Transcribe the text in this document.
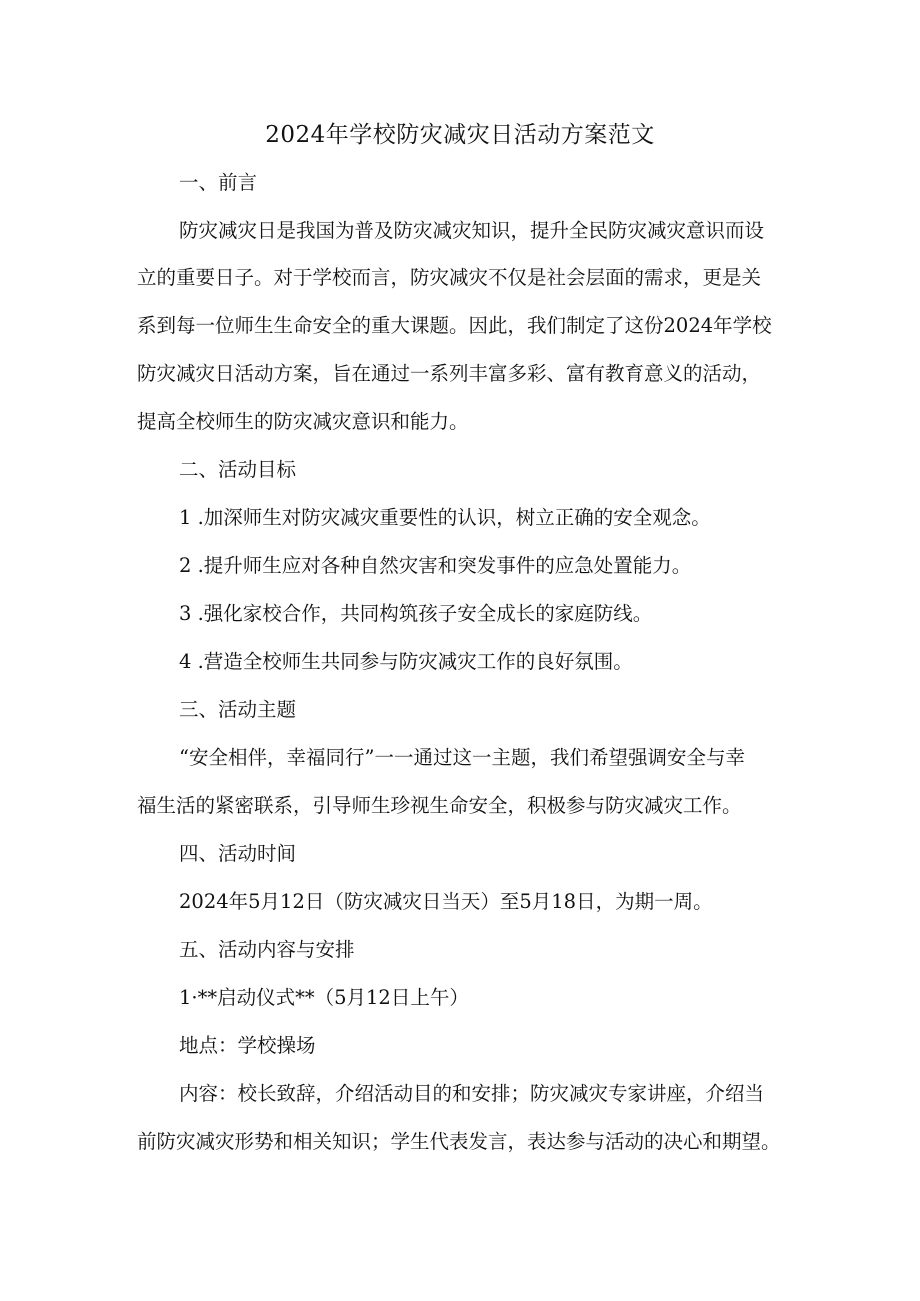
2024年学校防灾减灾日活动方案范文
一、前言
防灾减灾日是我国为普及防灾减灾知识，提升全民防灾减灾意识而设
立的重要日子。对于学校而言，防灾减灾不仅是社会层面的需求，更是关
系到每一位师生生命安全的重大课题。因此，我们制定了这份2024年学校
防灾减灾日活动方案，旨在通过一系列丰富多彩、富有教育意义的活动，
提高全校师生的防灾减灾意识和能力。
二、活动目标
1 .加深师生对防灾减灾重要性的认识，树立正确的安全观念。
2 .提升师生应对各种自然灾害和突发事件的应急处置能力。
3 .强化家校合作，共同构筑孩子安全成长的家庭防线。
4 .营造全校师生共同参与防灾减灾工作的良好氛围。
三、活动主题
“安全相伴，幸福同行”一一通过这一主题，我们希望强调安全与幸
福生活的紧密联系，引导师生珍视生命安全，积极参与防灾减灾工作。
四、活动时间
2024年5月12日（防灾减灾日当天）至5月18日，为期一周。
五、活动内容与安排
1·**启动仪式**（5月12日上午）
地点：学校操场
内容：校长致辞，介绍活动目的和安排；防灾减灾专家讲座，介绍当
前防灾减灾形势和相关知识；学生代表发言，表达参与活动的决心和期望。
